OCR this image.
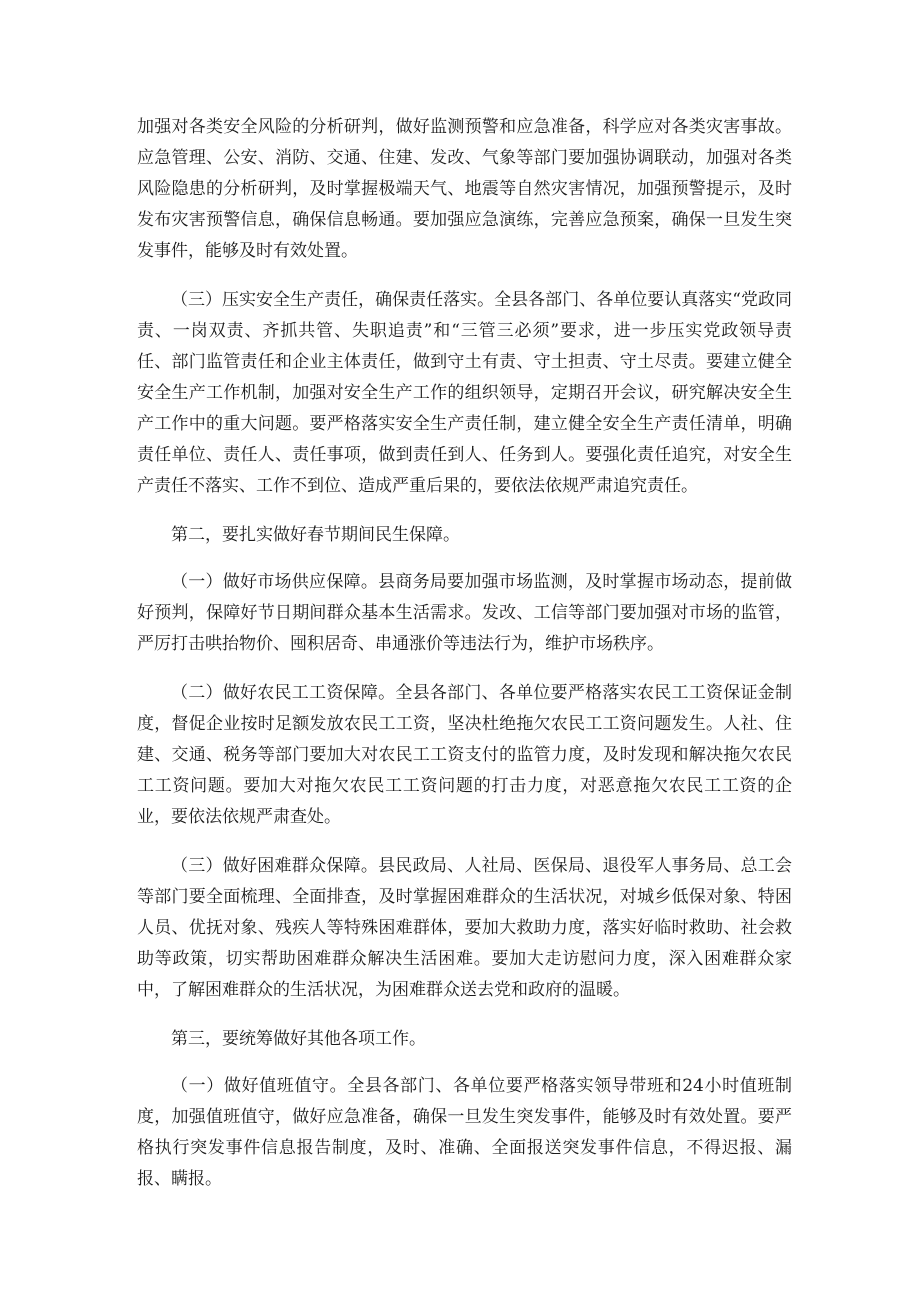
加强对各类安全风险的分析研判，做好监测预警和应急准备，科学应对各类灾害事故。应急管理、公安、消防、交通、住建、发改、气象等部门要加强协调联动，加强对各类风险隐患的分析研判，及时掌握极端天气、地震等自然灾害情况，加强预警提示，及时发布灾害预警信息，确保信息畅通。要加强应急演练，完善应急预案，确保一旦发生突发事件，能够及时有效处置。

（三）压实安全生产责任，确保责任落实。全县各部门、各单位要认真落实“党政同责、一岗双责、齐抓共管、失职追责”和“三管三必须”要求，进一步压实党政领导责任、部门监管责任和企业主体责任，做到守土有责、守土担责、守土尽责。要建立健全安全生产工作机制，加强对安全生产工作的组织领导，定期召开会议，研究解决安全生产工作中的重大问题。要严格落实安全生产责任制，建立健全安全生产责任清单，明确责任单位、责任人、责任事项，做到责任到人、任务到人。要强化责任追究，对安全生产责任不落实、工作不到位、造成严重后果的，要依法依规严肃追究责任。

第二，要扎实做好春节期间民生保障。

（一）做好市场供应保障。县商务局要加强市场监测，及时掌握市场动态，提前做好预判，保障好节日期间群众基本生活需求。发改、工信等部门要加强对市场的监管，严厉打击哄抬物价、囤积居奇、串通涨价等违法行为，维护市场秩序。

（二）做好农民工工资保障。全县各部门、各单位要严格落实农民工工资保证金制度，督促企业按时足额发放农民工工资，坚决杜绝拖欠农民工工资问题发生。人社、住建、交通、税务等部门要加大对农民工工资支付的监管力度，及时发现和解决拖欠农民工工资问题。要加大对拖欠农民工工资问题的打击力度，对恶意拖欠农民工工资的企业，要依法依规严肃查处。

（三）做好困难群众保障。县民政局、人社局、医保局、退役军人事务局、总工会等部门要全面梳理、全面排查，及时掌握困难群众的生活状况，对城乡低保对象、特困人员、优抚对象、残疾人等特殊困难群体，要加大救助力度，落实好临时救助、社会救助等政策，切实帮助困难群众解决生活困难。要加大走访慰问力度，深入困难群众家中，了解困难群众的生活状况，为困难群众送去党和政府的温暖。

第三，要统筹做好其他各项工作。

（一）做好值班值守。全县各部门、各单位要严格落实领导带班和24小时值班制度，加强值班值守，做好应急准备，确保一旦发生突发事件，能够及时有效处置。要严格执行突发事件信息报告制度，及时、准确、全面报送突发事件信息，不得迟报、漏报、瞒报。
